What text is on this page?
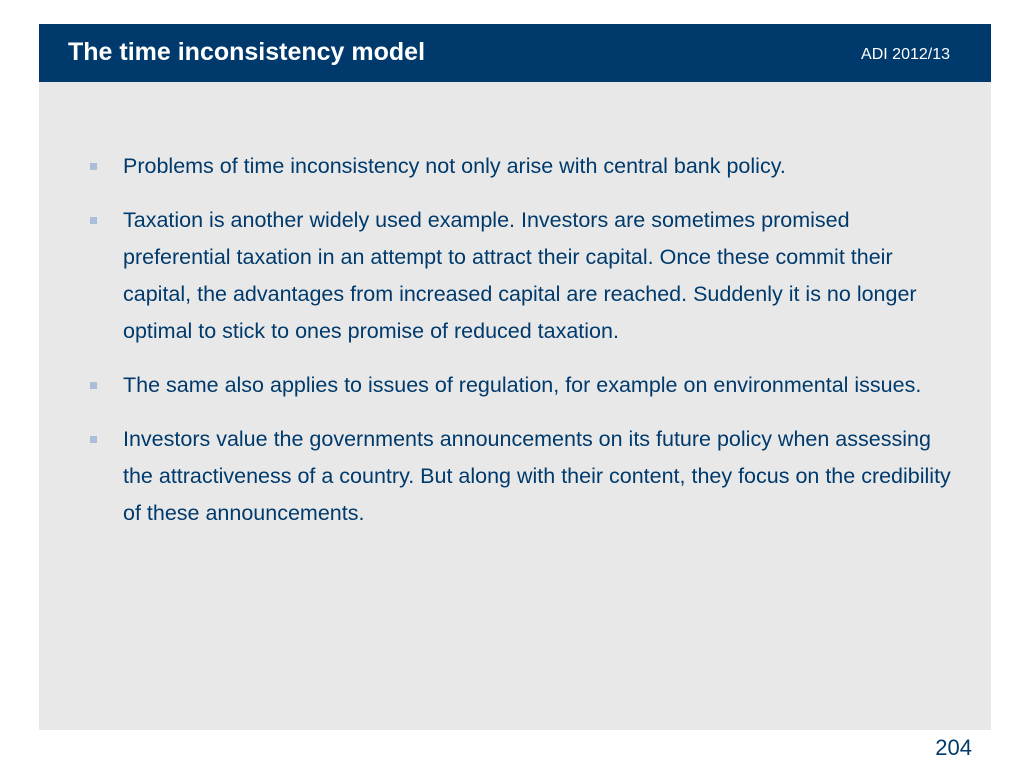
The time inconsistency model	ADI 2012/13
Problems of time inconsistency not only arise with central bank policy.
Taxation is another widely used example. Investors are sometimes promised preferential taxation in an attempt to attract their capital. Once these commit their capital, the advantages from increased capital are reached. Suddenly it is no longer optimal to stick to ones promise of reduced taxation.
The same also applies to issues of regulation, for example on environmental issues.
Investors value the governments announcements on its future policy when assessing the attractiveness of a country. But along with their content, they focus on the credibility of these announcements.
204
